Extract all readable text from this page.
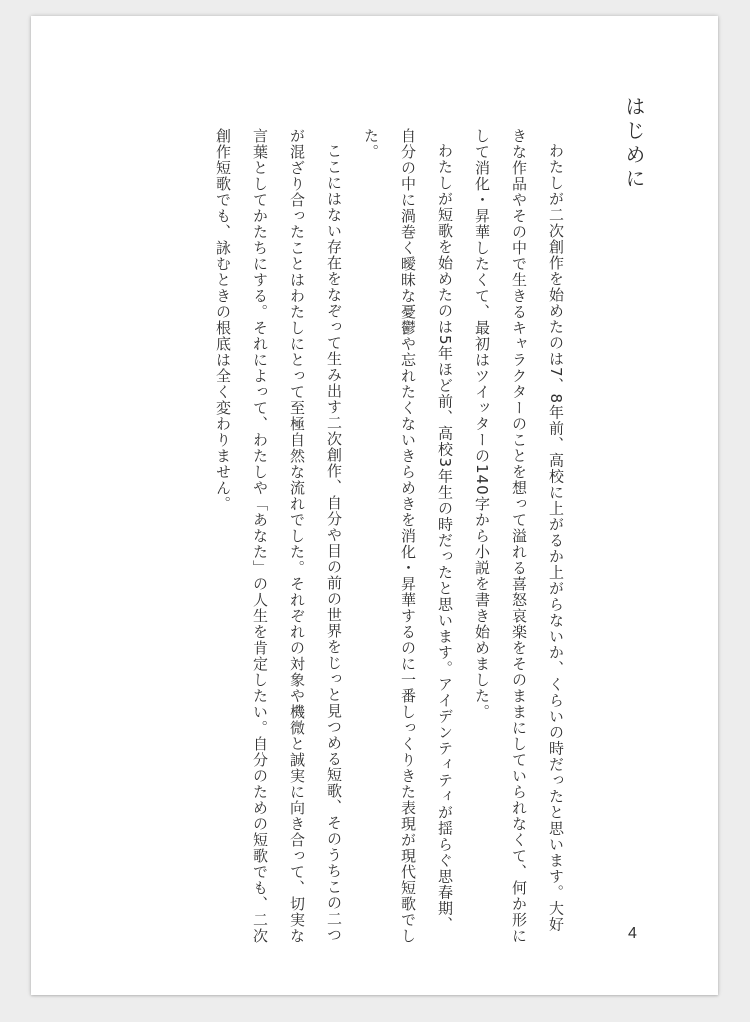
はじめに

わたしが二次創作を始めたのは7、8年前、高校に上がるか上がらないか、くらいの時だったと思います。大好きな作品やその中で生きるキャラクターのことを想って溢れる喜怒哀楽をそのままにしていられなくて、何か形にして消化・昇華したくて、最初はツイッターの140字から小説を書き始めました。

わたしが短歌を始めたのは5年ほど前、高校3年生の時だったと思います。アイデンティティが揺らぐ思春期、自分の中に渦巻く曖昧な憂鬱や忘れたくないきらめきを消化・昇華するのに一番しっくりきた表現が現代短歌でした。

ここにはない存在をなぞって生み出す二次創作、自分や目の前の世界をじっと見つめる短歌、そのうちこの二つが混ざり合ったことはわたしにとって至極自然な流れでした。それぞれの対象や機微と誠実に向き合って、切実な言葉としてかたちにする。それによって、わたしや「あなた」の人生を肯定したい。自分のための短歌でも、二次創作短歌でも、詠むときの根底は全く変わりません。

4
